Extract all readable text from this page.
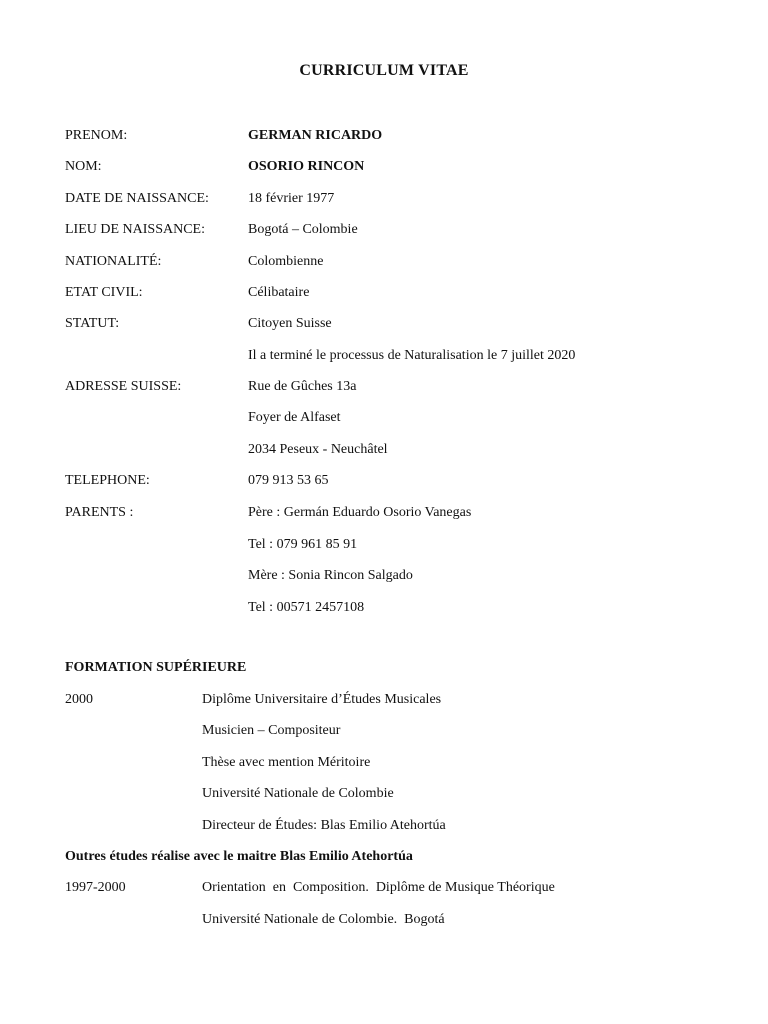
CURRICULUM VITAE
PRENOM:	GERMAN RICARDO
NOM:	OSORIO RINCON
DATE DE NAISSANCE:	18 février 1977
LIEU DE NAISSANCE:	Bogotá – Colombie
NATIONALITÉ:	Colombienne
ETAT CIVIL:	Célibataire
STATUT:	Citoyen Suisse
Il a terminé le processus de Naturalisation le 7 juillet 2020
ADRESSE SUISSE:	Rue de Gûches 13a
Foyer de Alfaset
2034 Peseux - Neuchâtel
TELEPHONE:	079 913 53 65
PARENTS :	Père : Germán Eduardo Osorio Vanegas
Tel : 079 961 85 91
Mère : Sonia Rincon Salgado
Tel : 00571 2457108
FORMATION SUPÉRIEURE
2000	Diplôme Universitaire d’Études Musicales
Musicien – Compositeur
Thèse avec mention Méritoire
Université Nationale de Colombie
Directeur de Études: Blas Emilio Atehortúa
Outres études réalise avec le maitre Blas Emilio Atehortúa
1997-2000	Orientation  en  Composition.  Diplôme de Musique Théorique
Université Nationale de Colombie.  Bogotá
